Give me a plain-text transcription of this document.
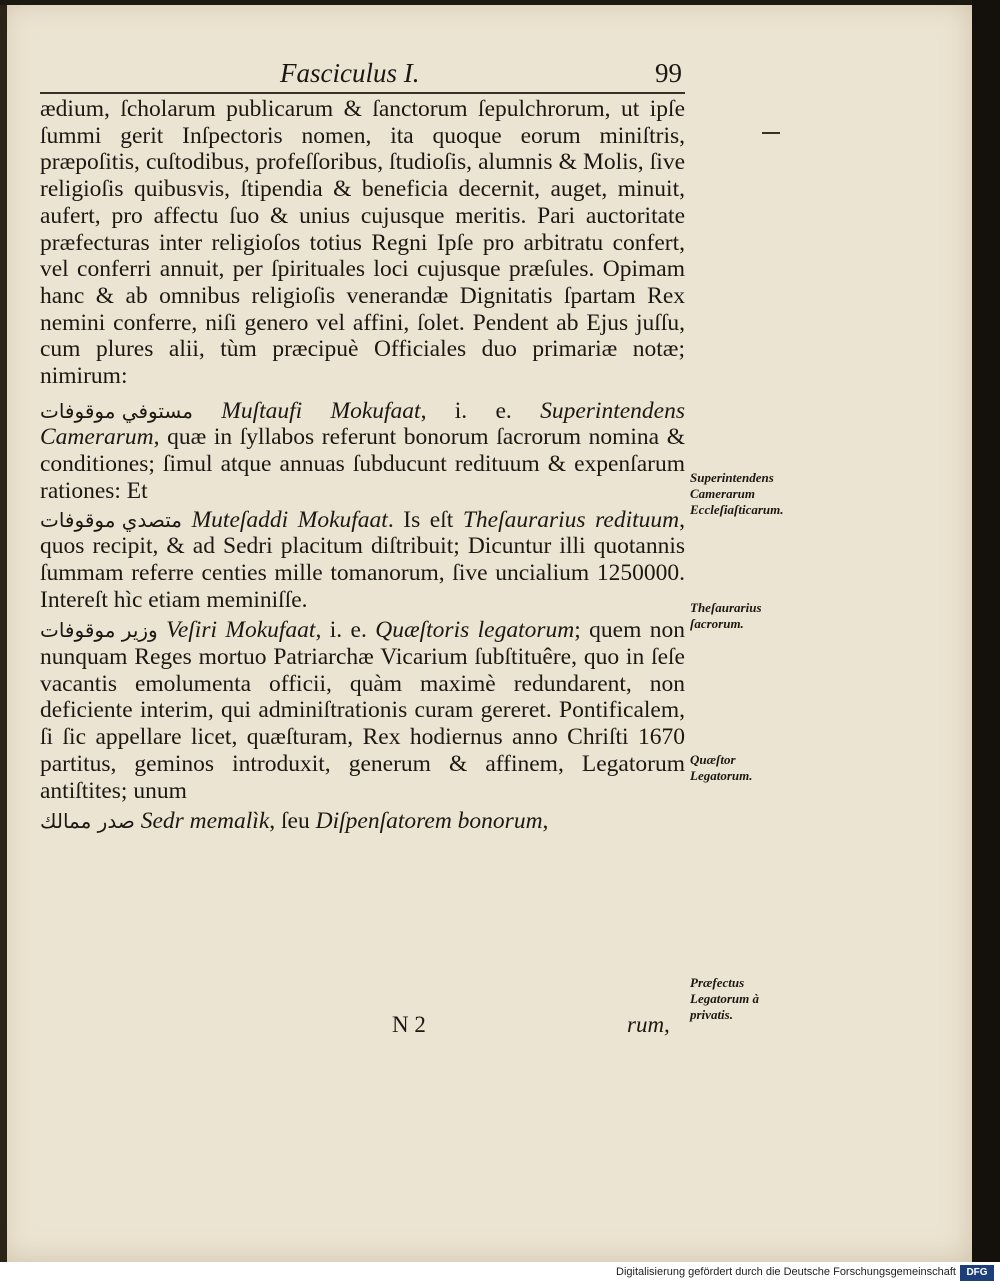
Fasciculus I.	99

ædium, ſcholarum publicarum & ſanctorum ſepulchrorum, ut ipſe ſummi gerit Inſpectoris nomen, ita quoque eorum miniſtris, præpoſitis, cuſtodibus, profeſſoribus, ſtudioſis, alumnis & Molis, ſive religioſis quibusvis, ſtipendia & beneficia decernit, auget, minuit, aufert, pro affectu ſuo & unius cujusque meritis. Pari auctoritate præfecturas inter religioſos totius Regni Ipſe pro arbitratu confert, vel conferri annuit, per ſpirituales loci cujusque præſules. Opimam hanc & ab omnibus religioſis venerandæ Dignitatis ſpartam Rex nemini conferre, niſi genero vel affini, ſolet. Pendent ab Ejus juſſu, cum plures alii, tùm præcipuè Officiales duo primariæ notæ; nimirum:

مستوفي موقوفات Muſtaufi Mokufaat, i. e. Superintendens Camerarum, quæ in ſyllabos referunt bonorum ſacrorum nomina & conditiones; ſimul atque annuas ſubducunt redituum & expenſarum rationes: Et

متصدي موقوفات Muteſaddi Mokufaat. Is eſt Theſaurarius redituum, quos recipit, & ad Sedri placitum diſtribuit; Dicuntur illi quotannis ſummam referre centies mille tomanorum, ſive uncialium 1250000. Intereſt hìc etiam meminiſſe.

وزير موقوفات Veſiri Mokufaat, i. e. Quæſtoris legatorum; quem non nunquam Reges mortuo Patriarchæ Vicarium ſubſtituêre, quo in ſeſe vacantis emolumenta officii, quàm maximè redundarent, non deficiente interim, qui adminiſtrationis curam gereret. Pontificalem, ſi ſic appellare licet, quæſturam, Rex hodiernus anno Chriſti 1670 partitus, geminos introduxit, generum & affinem, Legatorum antiſtites; unum

صدر ممالك Sedr memalìk, ſeu Diſpenſatorem bonorum,

Superintendens Camerarum Eccleſiaſticarum.
Theſaurarius ſacrorum.
Quæſtor Legatorum.
Præfectus Legatorum à privatis.
N 2	rum,
Digitalisierung gefördert durch die Deutsche Forschungsgemeinschaft	DFG
